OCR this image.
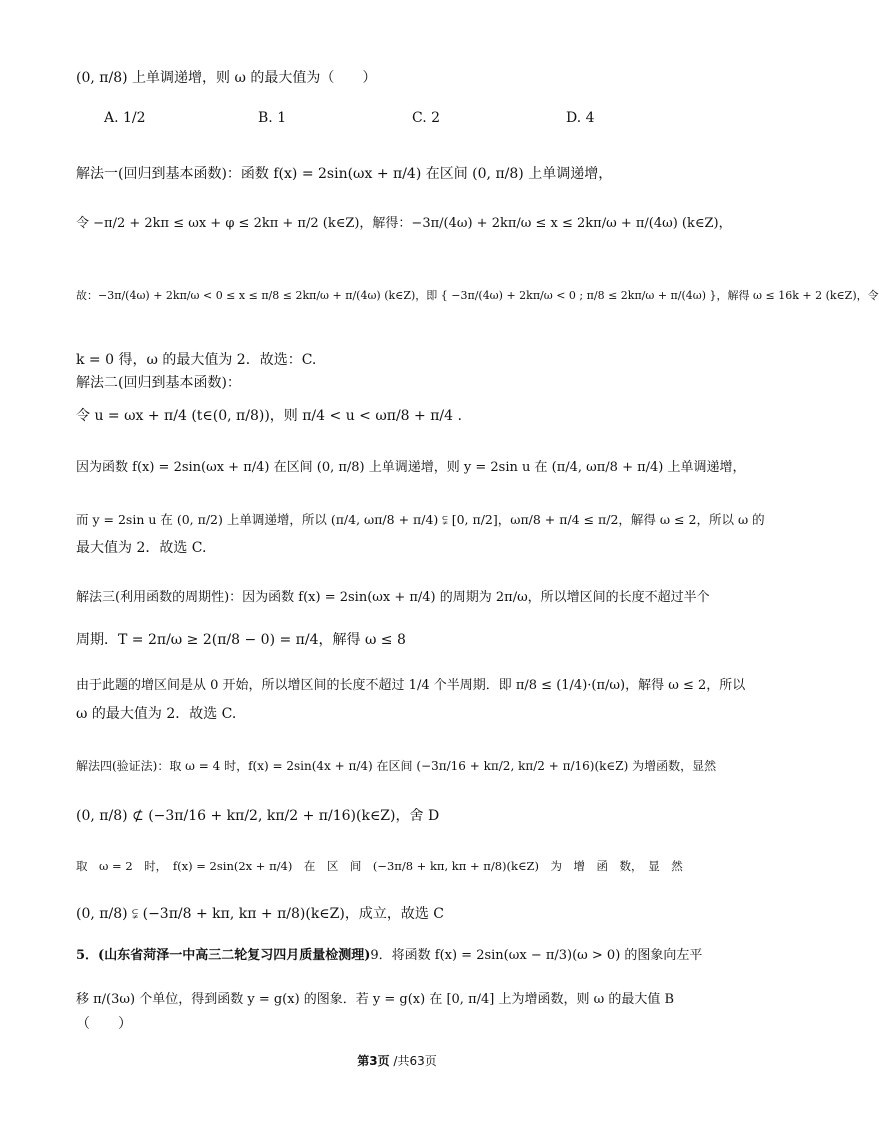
(0, π/8) 上单调递增，则 ω 的最大值为（　　）
A. 1/2	B. 1	C. 2	D. 4
解法一(回归到基本函数)：函数 f(x) = 2sin(ωx + π/4) 在区间 (0, π/8) 上单调递增，
令 −π/2 + 2kπ ≤ ωx + φ ≤ 2kπ + π/2 (k∈Z)，解得：−3π/(4ω) + 2kπ/ω ≤ x ≤ 2kπ/ω + π/(4ω) (k∈Z)，
故：−3π/(4ω) + 2kπ/ω < 0 ≤ x ≤ π/8 ≤ 2kπ/ω + π/(4ω) (k∈Z)，即 { −3π/(4ω) + 2kπ/ω < 0 ; π/8 ≤ 2kπ/ω + π/(4ω) }，解得 ω ≤ 16k + 2 (k∈Z)，令
k = 0 得，ω 的最大值为 2．故选：C.
解法二(回归到基本函数)：
令 u = ωx + π/4 (t∈(0, π/8))，则 π/4 < u < ωπ/8 + π/4 .
因为函数 f(x) = 2sin(ωx + π/4) 在区间 (0, π/8) 上单调递增，则 y = 2sin u 在 (π/4, ωπ/8 + π/4) 上单调递增，
而 y = 2sin u 在 (0, π/2) 上单调递增，所以 (π/4, ωπ/8 + π/4) ⫋ [0, π/2]，ωπ/8 + π/4 ≤ π/2，解得 ω ≤ 2，所以 ω 的
最大值为 2．故选 C.
解法三(利用函数的周期性)：因为函数 f(x) = 2sin(ωx + π/4) 的周期为 2π/ω，所以增区间的长度不超过半个
周期．T = 2π/ω ≥ 2(π/8 − 0) = π/4，解得 ω ≤ 8
由于此题的增区间是从 0 开始，所以增区间的长度不超过 1/4 个半周期．即 π/8 ≤ (1/4)·(π/ω)，解得 ω ≤ 2，所以
ω 的最大值为 2．故选 C.
解法四(验证法)：取 ω = 4 时，f(x) = 2sin(4x + π/4) 在区间 (−3π/16 + kπ/2, kπ/2 + π/16)(k∈Z) 为增函数，显然
(0, π/8) ⊄ (−3π/16 + kπ/2, kπ/2 + π/16)(k∈Z)，舍 D
取　ω = 2　时，　f(x) = 2sin(2x + π/4)　在　区　间　(−3π/8 + kπ, kπ + π/8)(k∈Z)　为　增　函　数，　显　然
(0, π/8) ⫋ (−3π/8 + kπ, kπ + π/8)(k∈Z)，成立，故选 C
5．(山东省菏泽一中高三二轮复习四月质量检测理)9．将函数 f(x) = 2sin(ωx − π/3)(ω > 0) 的图象向左平
移 π/(3ω) 个单位，得到函数 y = g(x) 的图象．若 y = g(x) 在 [0, π/4] 上为增函数，则 ω 的最大值 B
（　　）
第3页 /共63页
